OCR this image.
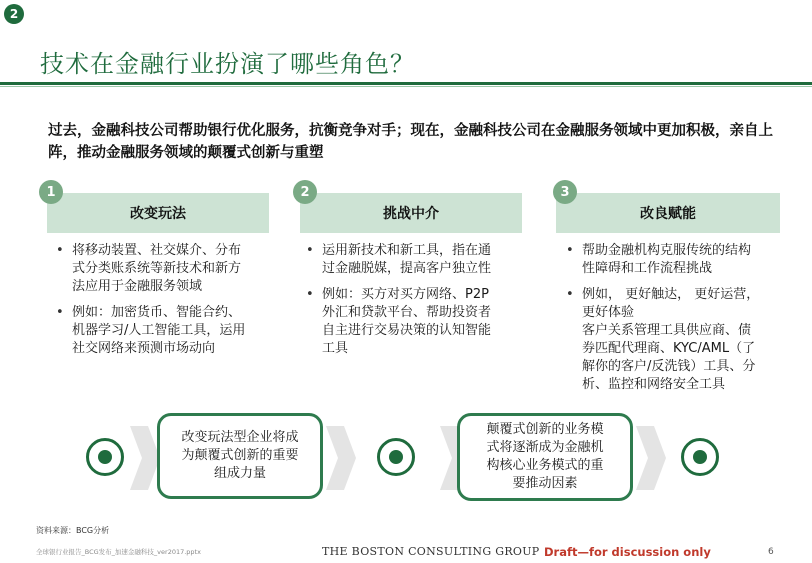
2
技术在金融行业扮演了哪些角色？
过去，金融科技公司帮助银行优化服务，抗衡竞争对手；现在，金融科技公司在金融服务领域中更加积极，亲自上阵，推动金融服务领域的颠覆式创新与重塑
改变玩法
1
• 将移动装置、社交媒介、分布
式分类账系统等新技术和新方
法应用于金融服务领域
• 例如：加密货币、智能合约、
机器学习/人工智能工具，运用
社交网络来预测市场动向
挑战中介
2
• 运用新技术和新工具，指在通
过金融脱媒，提高客户独立性
• 例如：买方对买方网络、P2P
外汇和贷款平台、帮助投资者
自主进行交易决策的认知智能
工具
改良赋能
3
• 帮助金融机构克服传统的结构
性障碍和工作流程挑战
• 例如， 更好触达， 更好运营，
更好体验
客户关系管理工具供应商、债
券匹配代理商、KYC/AML（了
解你的客户/反洗钱）工具、分
析、监控和网络安全工具
改变玩法型企业将成
为颠覆式创新的重要
组成力量
颠覆式创新的业务模
式将逐渐成为金融机
构核心业务模式的重
要推动因素
资料来源：BCG分析
全球银行业报告_BCG发布_加速金融科技_ver2017.pptx	THE BOSTON CONSULTING GROUP Draft—for discussion only	6
